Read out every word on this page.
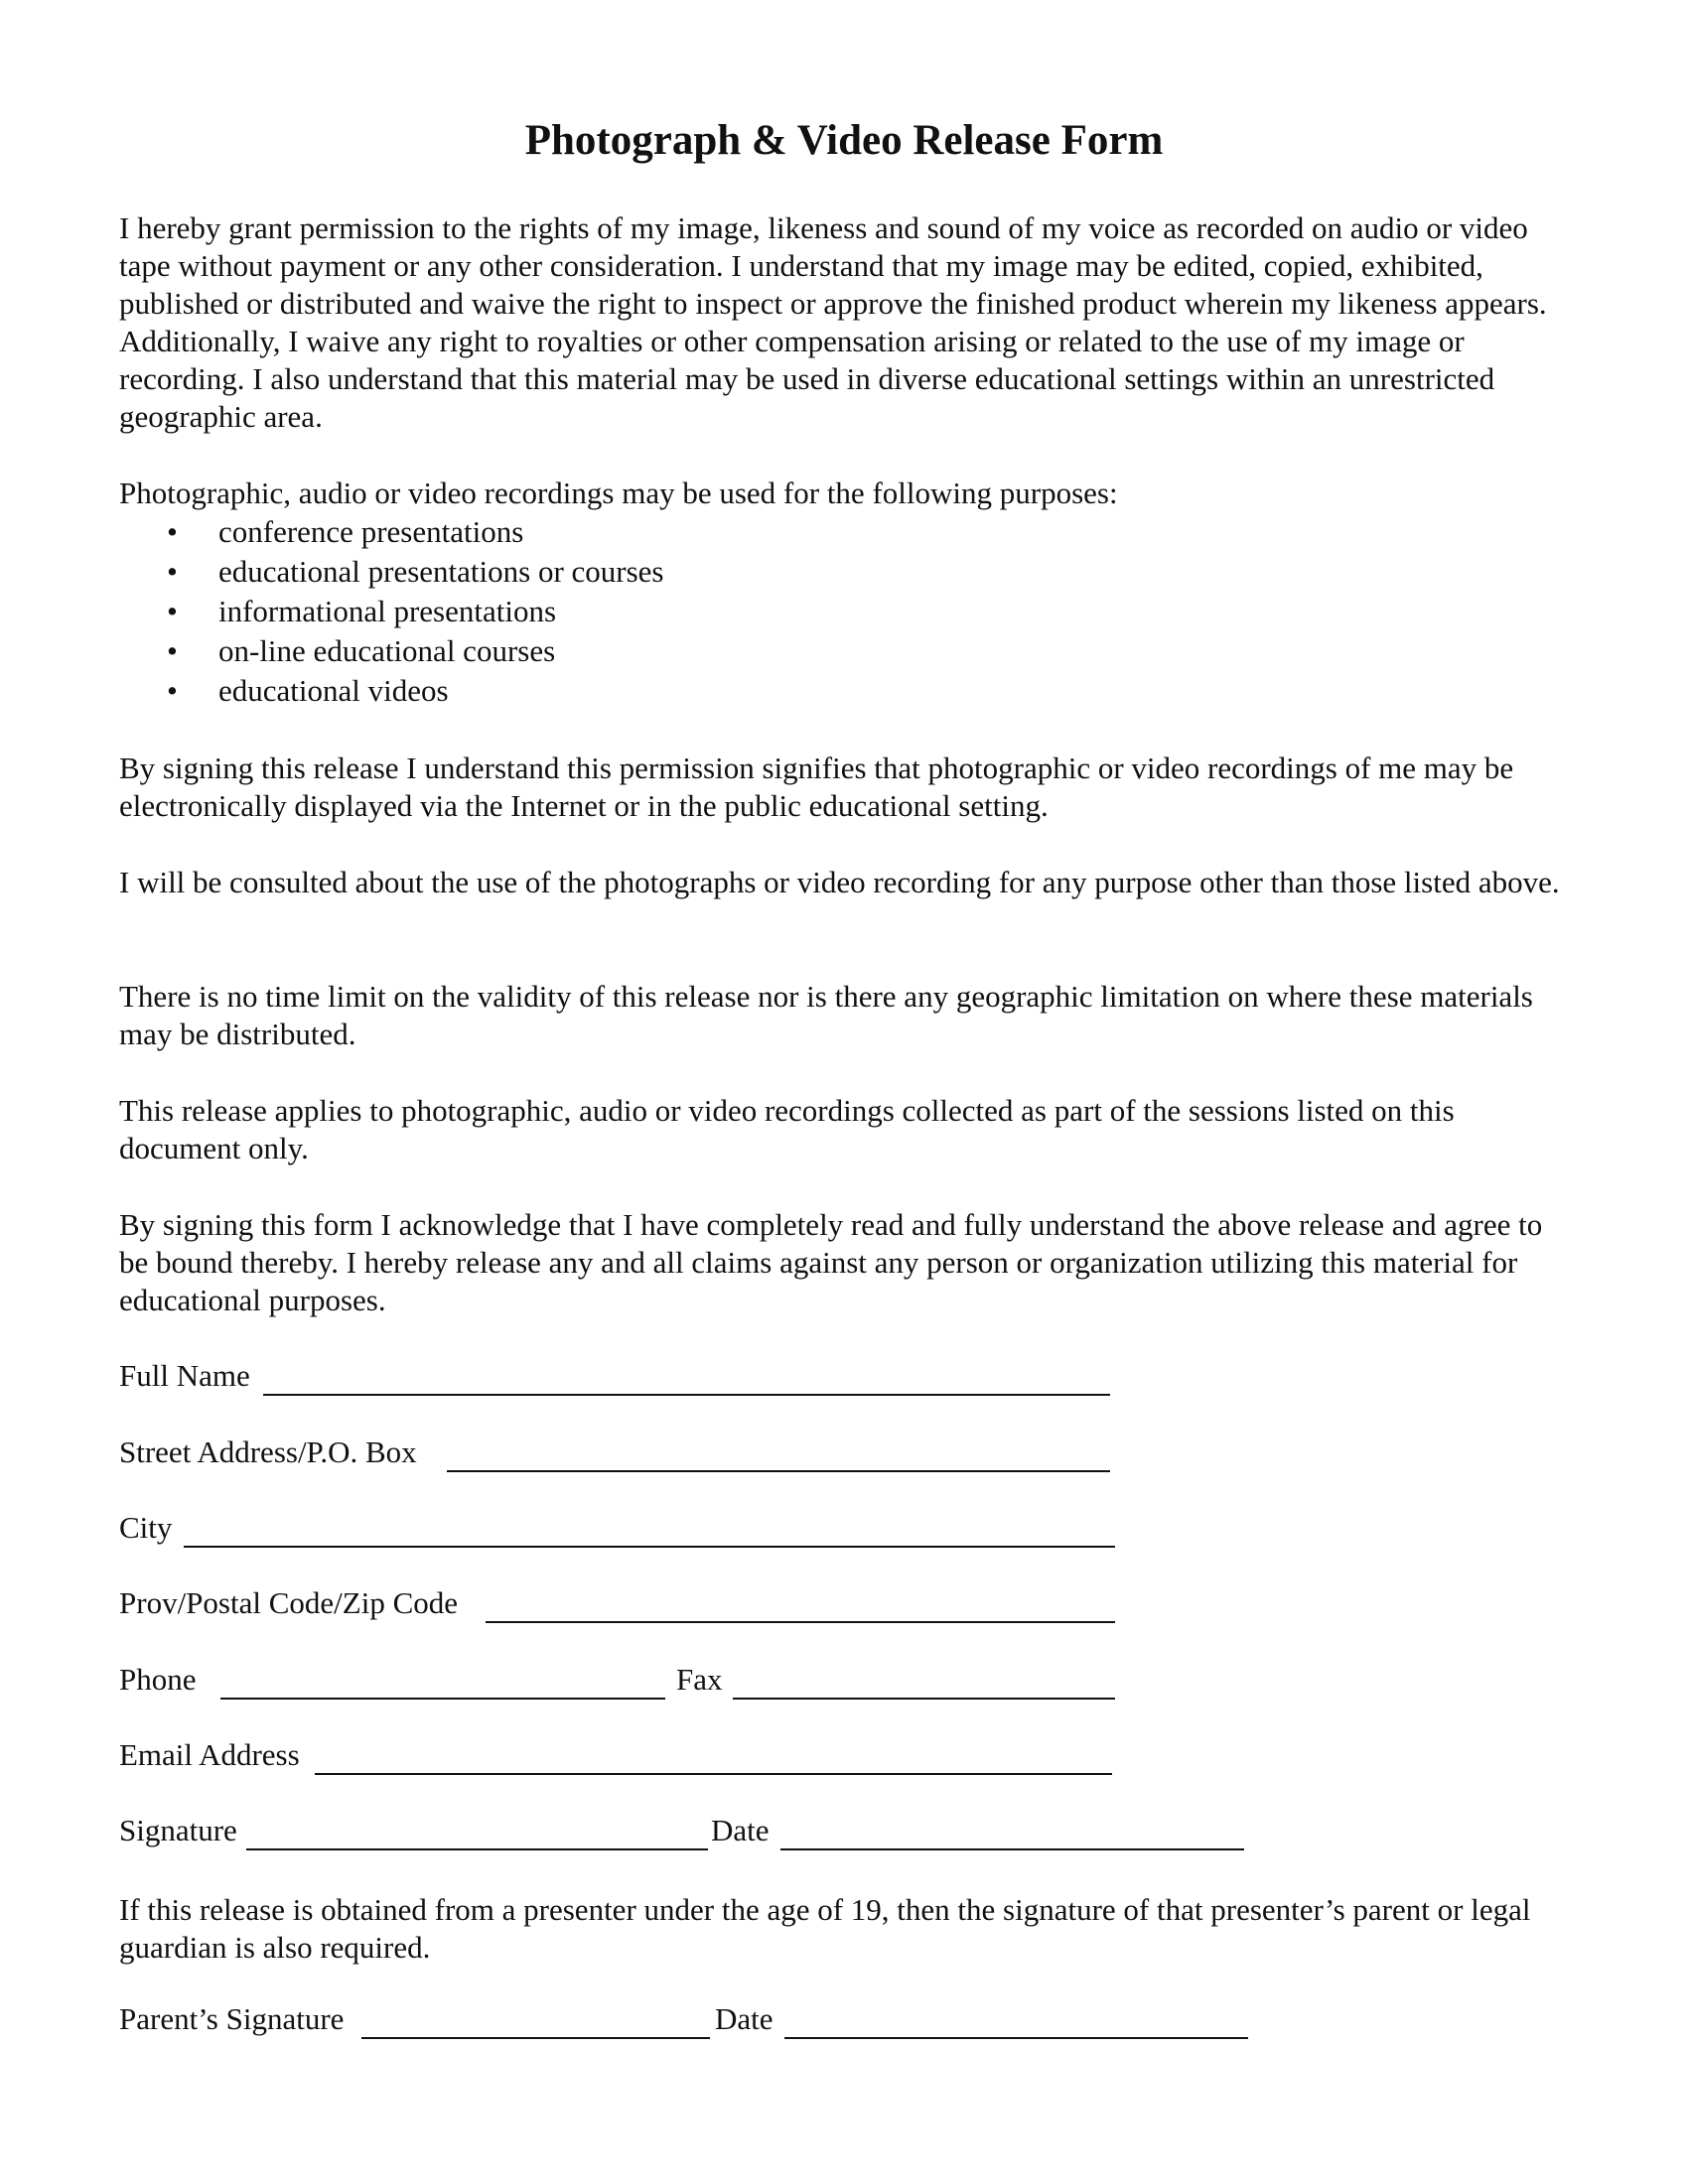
Photograph & Video Release Form

I hereby grant permission to the rights of my image, likeness and sound of my voice as recorded on audio or video tape without payment or any other consideration. I understand that my image may be edited, copied, exhibited, published or distributed and waive the right to inspect or approve the finished product wherein my likeness appears. Additionally, I waive any right to royalties or other compensation arising or related to the use of my image or recording. I also understand that this material may be used in diverse educational settings within an unrestricted geographic area.

Photographic, audio or video recordings may be used for the following purposes:

• conference presentations
• educational presentations or courses
• informational presentations
• on-line educational courses
• educational videos

By signing this release I understand this permission signifies that photographic or video recordings of me may be electronically displayed via the Internet or in the public educational setting.

I will be consulted about the use of the photographs or video recording for any purpose other than those listed above.

There is no time limit on the validity of this release nor is there any geographic limitation on where these materials may be distributed.

This release applies to photographic, audio or video recordings collected as part of the sessions listed on this document only.

By signing this form I acknowledge that I have completely read and fully understand the above release and agree to be bound thereby. I hereby release any and all claims against any person or organization utilizing this material for educational purposes.

Full Name
Street Address/P.O. Box
City
Prov/Postal Code/Zip Code
Phone	Fax
Email Address
Signature	Date

If this release is obtained from a presenter under the age of 19, then the signature of that presenter’s parent or legal guardian is also required.

Parent’s Signature	Date
